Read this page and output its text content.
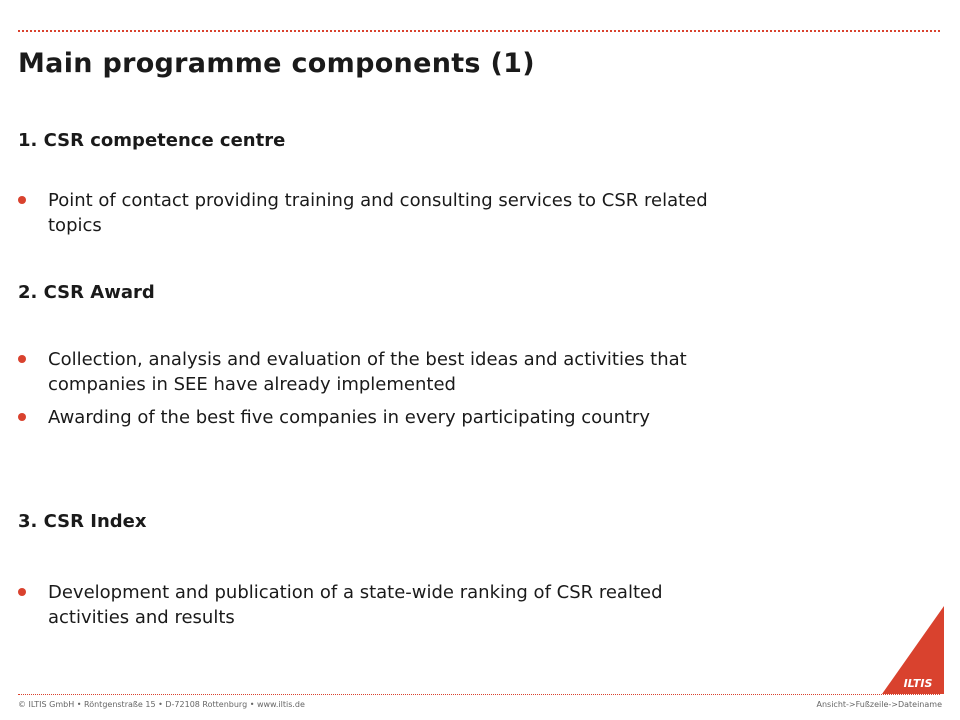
Main programme components (1)
1. CSR competence centre
Point of contact providing training and consulting services to CSR related topics
2. CSR Award
Collection, analysis and evaluation of the best ideas and activities that companies in SEE have already implemented
Awarding of the best five companies in every participating country
3. CSR Index
Development and publication of a state-wide ranking of CSR realted activities and results
ILTIS
© ILTIS GmbH • Röntgenstraße 15 • D-72108 Rottenburg • www.iltis.de	Ansicht->Fußzeile->Dateiname
